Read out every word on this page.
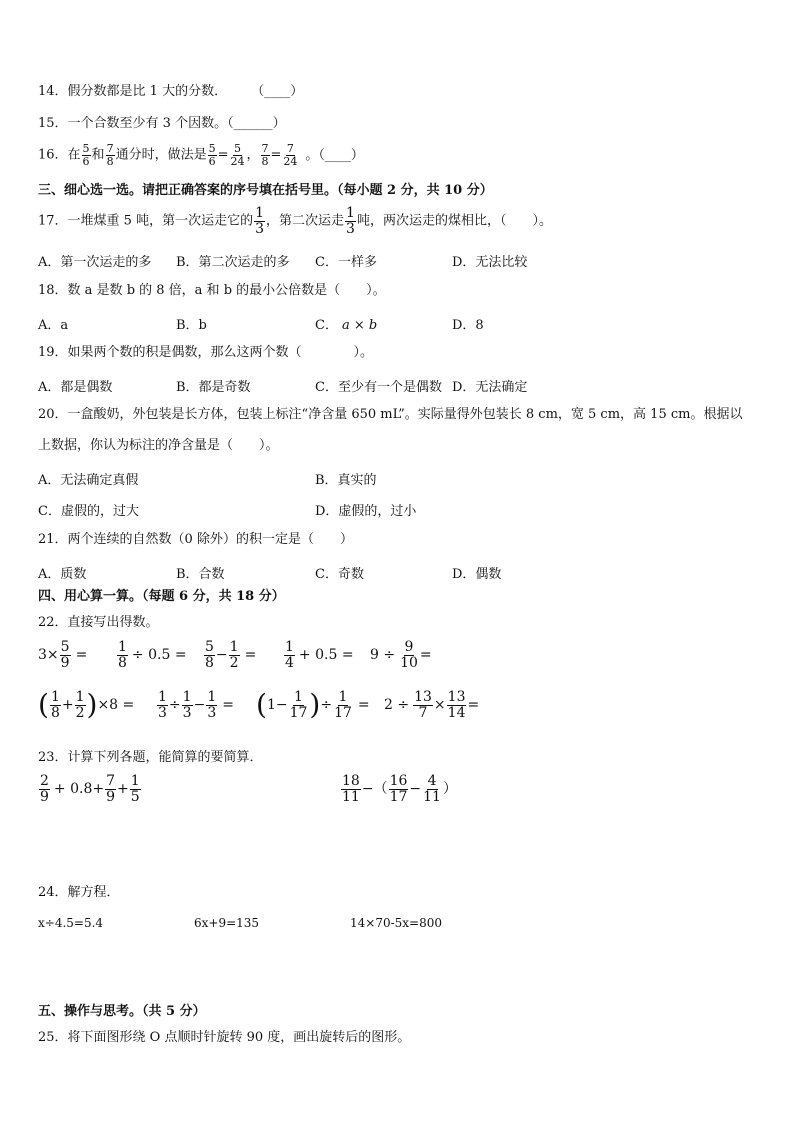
14．假分数都是比 1 大的分数． （____）
15．一个合数至少有 3 个因数。（______）
16．在 $\frac{5}{6}$ 和 $\frac{7}{8}$ 通分时，做法是 $\frac{5}{6} = \frac{5}{24}$ ， $\frac{7}{8} = \frac{7}{24}$ 。（____）
三、细心选一选。请把正确答案的序号填在括号里。（每小题 2 分，共 10 分）
17．一堆煤重 5 吨，第一次运走它的 $\frac{1}{3}$ ，第二次运走 $\frac{1}{3}$ 吨，两次运走的煤相比，（　　）。
A．第一次运走的多 B．第二次运走的多 C．一样多	D．无法比较
18．数 a 是数 b 的 8 倍，a 和 b 的最小公倍数是（　　）。
A．a	B．b	C． a × b	D．8
19．如果两个数的积是偶数，那么这两个数（　　　　）。
A．都是偶数	B．都是奇数	C．至少有一个是偶数 D．无法确定
20．一盒酸奶，外包装是长方体，包装上标注“净含量 650 mL”。实际量得外包装长 8 cm，宽 5 cm，高 15 cm。根据以
上数据，你认为标注的净含量是（　　）。
A．无法确定真假	B．真实的
C．虚假的，过大	D．虚假的，过小
21．两个连续的自然数（0 除外）的积一定是（　　）
A．质数	B．合数	C．奇数	D．偶数
四、用心算一算。（每题 6 分，共 18 分）
22．直接写出得数。
$3\times \frac{5}{9} = \frac{1}{8} \div 0.5 = \frac{5}{8} - \frac{1}{2} = \frac{1}{4} + 0.5 = 9 \div \frac{9}{10}$ =
( $\frac{1}{8} + \frac{1}{2} )\times 8 = \frac{1}{3} \div \frac{1}{3} - \frac{1}{3} = (1- \frac{1}{17}$ )÷ $\frac{1}{17} = 2 \div \frac{13}{7} \times \frac{13}{14}$ =
23．计算下列各题，能简算的要简算．
$\frac{2}{9} + 0.8+ \frac{7}{9} + \frac{1}{5}$	$\frac{18}{11}$ −（ $\frac{16}{17} - \frac{4}{11}$ ）
24．解方程．
x÷4.5=5.4	6x+9=135	14×70-5x=800
五、操作与思考。（共 5 分）
25．将下面图形绕 O 点顺时针旋转 90 度，画出旋转后的图形。
